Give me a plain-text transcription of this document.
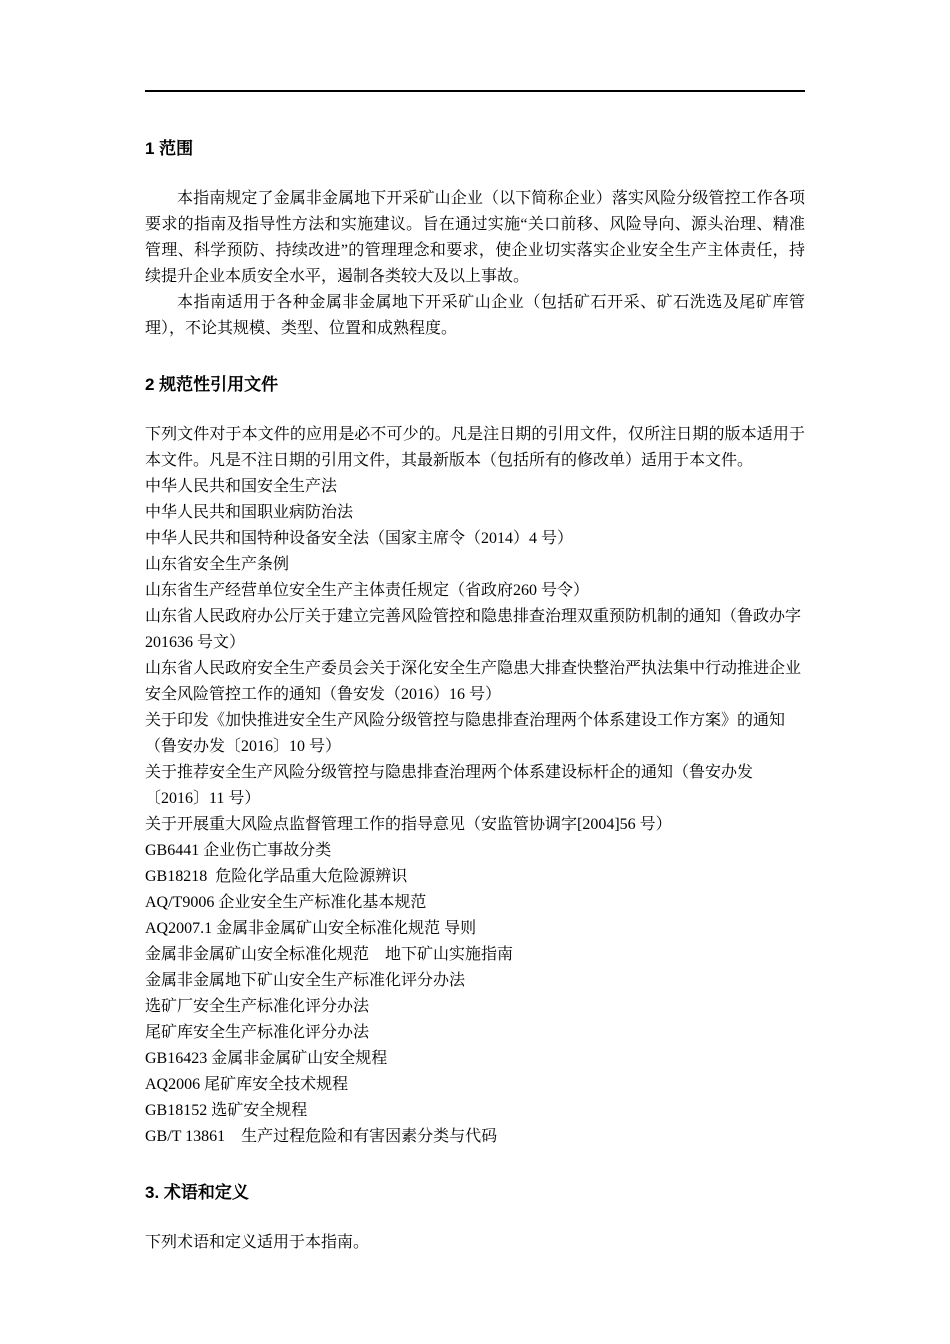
1 范围

本指南规定了金属非金属地下开采矿山企业（以下简称企业）落实风险分级管控工作各项要求的指南及指导性方法和实施建议。旨在通过实施“关口前移、风险导向、源头治理、精准管理、科学预防、持续改进”的管理理念和要求，使企业切实落实企业安全生产主体责任，持续提升企业本质安全水平，遏制各类较大及以上事故。

本指南适用于各种金属非金属地下开采矿山企业（包括矿石开采、矿石洗选及尾矿库管理），不论其规模、类型、位置和成熟程度。

2 规范性引用文件

下列文件对于本文件的应用是必不可少的。凡是注日期的引用文件，仅所注日期的版本适用于本文件。凡是不注日期的引用文件，其最新版本（包括所有的修改单）适用于本文件。

中华人民共和国安全生产法
中华人民共和国职业病防治法
中华人民共和国特种设备安全法（国家主席令（2014）4 号）
山东省安全生产条例
山东省生产经营单位安全生产主体责任规定（省政府260 号令）
山东省人民政府办公厅关于建立完善风险管控和隐患排查治理双重预防机制的通知（鲁政办字 201636 号文）
山东省人民政府安全生产委员会关于深化安全生产隐患大排查快整治严执法集中行动推进企业安全风险管控工作的通知（鲁安发（2016）16 号）
关于印发《加快推进安全生产风险分级管控与隐患排查治理两个体系建设工作方案》的通知（鲁安办发〔2016〕10 号）
关于推荐安全生产风险分级管控与隐患排查治理两个体系建设标杆企的通知（鲁安办发〔2016〕11 号）
关于开展重大风险点监督管理工作的指导意见（安监管协调字[2004]56 号）
GB6441 企业伤亡事故分类
GB18218  危险化学品重大危险源辨识
AQ/T9006 企业安全生产标准化基本规范
AQ2007.1 金属非金属矿山安全标准化规范 导则
金属非金属矿山安全标准化规范　地下矿山实施指南
金属非金属地下矿山安全生产标准化评分办法
选矿厂安全生产标准化评分办法
尾矿库安全生产标准化评分办法
GB16423 金属非金属矿山安全规程
AQ2006 尾矿库安全技术规程
GB18152 选矿安全规程
GB/T 13861　生产过程危险和有害因素分类与代码
3. 术语和定义

下列术语和定义适用于本指南。
